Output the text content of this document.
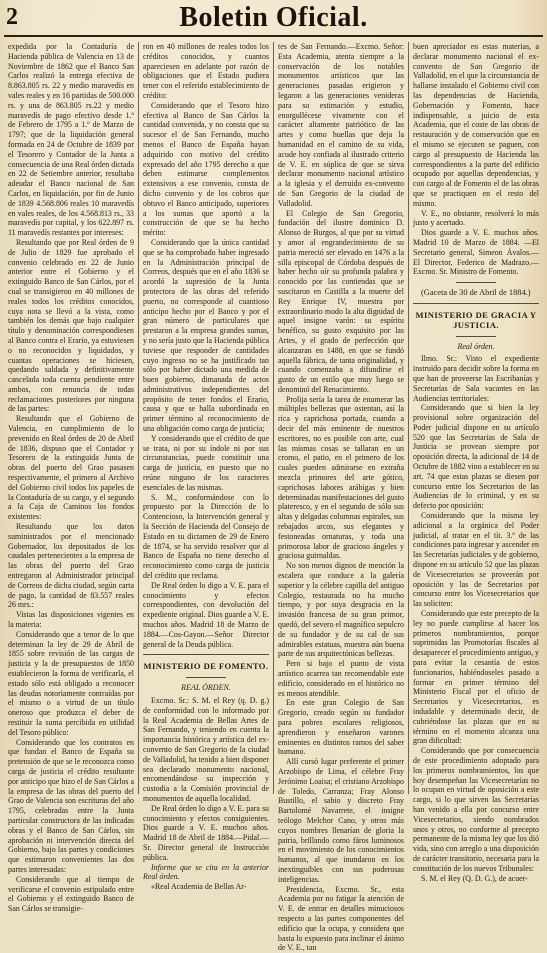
2	Boletin Oficial.

expedida por la Contaduría de Hacienda pública de Valencia en 13 de Noviembre de 1862 que el Banco San Carlos realizó la entrega efectiva de 8.863.805 rs. 22 y medio maravedís en vales reales y en 16 partidas de 500.000 rs. y una de 863.805 rs.22 y medio maravedís de pago efectivo desde 1.º de Febrero de 1795 a 1.º de Marzo de 1797; que de la liquidación general formada en 24 de Octubre de 1839 por el Tesorero y Contador de la Junta a consecuencia de una Real órden dictada en 22 de Setiembre anterior, resultaba adeudar el Banco nacional de San Carlos, en liquidación, por fin de Junio de 1839 4.568.806 reales 10 maravedís en vales reales, de los 4.568.813 rs., 33 maravedís por capital, y los 622.897 rs. 11 maravedís restantes por intereses:

Resultando que por Real órden de 9 de Julio de 1829 fue aprobado el convenio celebrado en 22 de Junio anterior entre el Gobierno y el extinguido Banco de San Cárlos, por el cual se transigieron en 40 millones de reales todos los créditos conocidos, cuya nota se llevó a la vista, como también los demás que bajo cualquier título y denominación correspondiesen al Banco contra el Erario, ya estuviesen o no reconocidos y liquidados, y cuantas operaciones se hiciesen, quedando saldada y definitivamente cancelada toda cuenta pendiente entre ambos, con renuncia de todas reclamaciones posteriores por ninguna de las partes:

Resultando que el Gobierno de Valencia, en cumplimiento de lo prevenido en Real órden de 20 de Abril de 1836, dispuso que el Contador y Tesorero de la extinguida Junta de obras del puerto del Grao pasasen respectivamente, el primero al Archivo del Gobierno civil todos los papeles de la Contaduría de su cargo, y el segundo a la Caja de Caminos los fondos existentes:

Resultando que los datos suministrados por el mencionado Gobernador, los depositados de los caudales pertenecientes a la empresa de las obras del puerto del Grao entregaron al Administrador principal de Correos de dicha ciudad, según carta de pago, la cantidad de 83.557 reales 26 mrs.:

Vistas las disposiciones vigentes en la materia:

Considerando que a tenor de lo que determinan la ley de 29 de Abril de 1855 sobre revisión de las cargas de justicia y la de presupuestos de 1850 establecieron la forma de verificarla, el estado sólo está obligado a reconocer las deudas notoriamente contraídas por el mismo o a virtud de un título oneroso que produzca el deber de restituir la suma percibida en utilidad del Tesoro público:

Considerando que los contratos en que fundan el Banco de España su pretensión de que se le reconozca como carga de justicia el crédito resultante por anticipo que hizo el de San Cárlos a la empresa de las obras del puerto del Grao de Valencia son escrituras del año 1795, celebradas entre la Junta particular constructora de las indicadas obras y el Banco de San Cárlos, sin aprobación ni intervención directa del Gobierno, bajo las partes y condiciones que estimaron convenientes las dos partes interesadas:

Considerando que al tiempo de verificarse el convenio estipulado entre el Gobierno y el extinguido Banco de San Cárlos se transigie-

ron en 40 millones de reales todos los créditos conocidos, y cuantos apareciesen en adelante por razón de obligaciones que el Estado pudiera tener con el referido establecimiento de crédito:

Considerando que el Tesoro hizo efectiva al Banco de San Cárlos la cantidad convenida, y no consta que su sucesor el de San Fernando, mucho menos el Banco de España hayan adquirido con motivo del crédito expresado del año 1795 derecho a que deben estimarse complementos extensivos a ese convenio, consta de dicho convenio y de los cobros que obtuvo el Banco anticipado, superiores a los sumas que aportó a la construcción de que se ha hecho mérito:

Considerando que la única cantidad que se ha comprobado haber ingresado en la Administración principal de Correos, después que en el año 1836 se acordó la supresión de la Junta protectora de las obras del referido puerto, no corresponde al cuantioso anticipo hecho por el Banco y por el gran número de particulares que prestaron a la empresa grandes sumas, y no sería justo que la Hacienda pública tuviese que responder de cantidades cuyo ingreso no se ha justificado tan sólo por haber dictado una medida de buen gobierno, dimanada de actos administrativos independientes del propósito de tener fondos el Erario, causa y que se halla subordinada en primer término al reconocimiento de una obligación como carga de justicia;

Y considerando que el crédito de que se trata, ni por su índole ni por sus circunstancias, puede constituir una carga de justicia, en puesto que no reúne ninguno de los caracteres esenciales de las mismas.

S. M., conformándose con lo propuesto por la Dirección de lo Contencioso, la Intervención general y la Sección de Hacienda del Consejo de Estado en su dictamen de 29 de Enero de 1874, se ha servido resolver que al Banco de España no tiene derecho al reconocimiento como carga de justicia del crédito que reclama.

De Real órden lo digo a V. E. para el conocimiento y efectos correspondientes, con devolución del expediente original. Dios guarde a V. E. muchos años. Madrid 18 de Marzo de 1884.—Cos-Gayon.—Señor Director general de la Deuda pública.

MINISTERIO DE FOMENTO.
REAL ÓRDEN.

Excmo. Sr.: S. M. el Rey (q. D. g.) de conformidad con lo informado por la Real Academia de Bellas Artes de San Fernando, y teniendo en cuenta la importancia histórica y artística del ex-convento de San Gregorio de la ciudad de Valladolid, ha tenido a bien disponer sea declarado monumento nacional, encomendándose su inspección y custodia a la Comisión provincial de monumentos de aquella localidad.

De Real órden lo digo a V. E. para su conocimiento y efectos consiguientes. Dios guarde a V. E. muchos años. Madrid 18 de Abril de 1884.—Pidal.—Sr. Director general de Instrucción pública.

Informe que se cita en la anterior Real órden.

«Real Academia de Bellas Ar-

tes de San Fernando.—Excmo. Señor: Esta Academia, atenta siempre a la conservación de los notables monumentos artísticos que las generaciones pasadas erigieron y legaron a las generaciones venideras para su estimación y estudio, enorgullécese vivamente con el carácter altamente patriótico de las artes y como huellas que deja la humanidad en el camino de su vida, acude hoy confiada al ilustrado criterio de V. E. en súplica de que se sirva declarar monumento nacional artístico a la iglesia y el derruido ex-convento de San Gregorio de la ciudad de Valladolid.

El Colegio de San Gregorio, fundación del ilustre dominico D. Alonso de Burgos, al que por su virtud y amor al engrandecimiento de su patria mereció ser elevado en 1476 a la silla episcopal de Córdoba después de haber hecho oír su profunda palabra y conocido por las contiendas que se suscitaron en Castilla a la muerte del Rey Enrique IV, muestra por extraordinario modo la alta dignidad de aquel insigne varón: su espíritu benéfico, su gusto exquisito por las Artes, y el grado de perfección que alcanzaran en 1488, en que se fundó aquella fábrica, de tanta originalidad, y cuando comenzaba a difundirse el gusto de un estilo que muy luego se denominó del Renacimiento.

Prolija sería la tarea de enumerar las múltiples bellezas que ostentan, así la rica y caprichosa portada, cuando a decir del más eminente de nuestros escritores, no es posible con arte, cual las mismas cosas se tallaran en un cromo, el patio, en el primero de los cuales pueden admirarse en extraña mezcla primores del arte gótico, caprichosas labores arábigas y bien determinadas manifestaciones del gusto plateresco, y en el segundo de sólo sus altas y delgadas columnas espirales, sus rebajados arcos, sus elegantes y festoneadas ornaturas, y toda una primorosa labor de gracioso ángeles y graciosa guirnaldas.

No son menos dignos de mención la escalera que conduce a la galería superior y la célebre capilla del antiguo Colegio, restaurada no ha mucho tiempo, y por suya desgracia en la invasión francesa de su gran primor, quedó, del severo el magnífico sepulcro de su fundador y de su cal de sus admirables estatuas, muestra aún buena parte de sus arquitectónicas bellezas.

Pero si bajo el punto de vista artístico acarrea tan recomendable este edificio, considerado en el histórico no es menos atendible.

En este gran Colegio de San Gregorio, creado según su fundador para pobres escolares religiosos, aprendieron y enseñaron varones eminentes en distintos ramos del saber humano.

Allí cursó lugar preferente el primer Arzobispo de Lima, el célebre Fray Jerónimo Loaisa; el cristiano Arzobispo de Toledo, Carranza; Fray Alonso Bustillo, el sabio y discreto Fray Bartolomé Navarrete, el insigne teólogo Melchor Cano, y otros más cuyos nombres llenarían de gloria la patria, brillando como fáros luminosos en el movimiento de los conocimientos humanos, al que inundaron en los inextinguibles con sus poderosas inteligencias.

Presidencia, Excmo. Sr., esta Academia por no fatigar la atención de V. E. de entrar en detalles minuciosos respecto a las partes componentes del edificio que la ocupa, y considera que basta lo expuesto para inclinar el ánimo de V. E., tan

buen apreciador en estas materias, a declarar monumento nacional el ex-convento de San Gregorio de Valladolid, en el que la circunstancia de hallarse instalado el Gobierno civil con las dependencias de Hacienda, Gobernación y Fomento, hace indispensable, a juicio de esta Academia, que el coste de las obras de restauración y de conservación que en el mismo se ejecuten se paguen, con cargo al presupuesto de Hacienda las correspondientes a la parte del edificio ocupado por aquellas dependencias, y con cargo al de Fomento el de las obras que se practiquen en el resto del mismo.

V. E., no obstante, resolverá lo más justo y acertado.

Dios guarde a V. E. muchos años. Madrid 10 de Marzo de 1884. —El Secretario general, Simeon Ávalos.—El Director, Federico de Madrazo.—Excmo. Sr. Ministro de Fomento.

(Gaceta de 30 de Abril de 1884.)

MINISTERIO DE GRACIA Y JUSTICIA.
Real órden.

Ilmo. Sr.: Visto el expediente instruido para decidir sobre la forma en que han de proveerse las Escribanías y Secretarías de Sala vacantes en las Audiencias territoriales:

Considerando que si bien la ley provisional sobre organización del Poder judicial dispone en su artículo 520 que las Secretarías de Sala de Justicia se provean siempre por oposición directa, la adicional de 14 de Octubre de 1882 vino a establecer en su art. 74 que estas plazas se diesen por concurso entre los Secretarios de las Audiencias de lo criminal, y en su defecto por oposición:

Considerando que la misma ley adicional a la orgánica del Poder judicial, al tratar en el tít. 3.º de las condiciones para ingresar y ascender en las Secretarías judiciales y de gobierno, dispone en su artículo 52 que las plazas de Vicesecretarios se proveerán por oposición y las de Secretarios por concurso entre los Vicesecretarios que las soliciten:

Considerando que este precepto de la ley no puede cumplirse al hacer los primeros nombramientos, porque suprimidas las Promotorías fiscales al desaparecer el procedimiento antiguo, y para evitar la cesantía de estos funcionarios, habiéndoseles pasado a formar en primer término del Ministerio Fiscal por el oficio de Secretarios y Vicesecretarios, es indudable y determinado decir, de cubriéndose las plazas que en su término en el momento alcanza una gran dificultad:

Considerando que por consecuencia de este procedimiento adoptado para los primeros nombramientos, los que hoy desempeñan las Vicesecretarías no lo ocupan en virtud de oposición a este cargo, si lo que sirven las Secretarías han venido a ella por concurso entre Vicesecretarios, siendo nombrados unos y otros, no conforme al precepto permanente de la misma ley que los dió vida, sino con arreglo a una disposición de carácter transitorio, necesaria para la constitución de los nuevos Tribunales:

S. M. el Rey (Q. D. G.), de acuer-
